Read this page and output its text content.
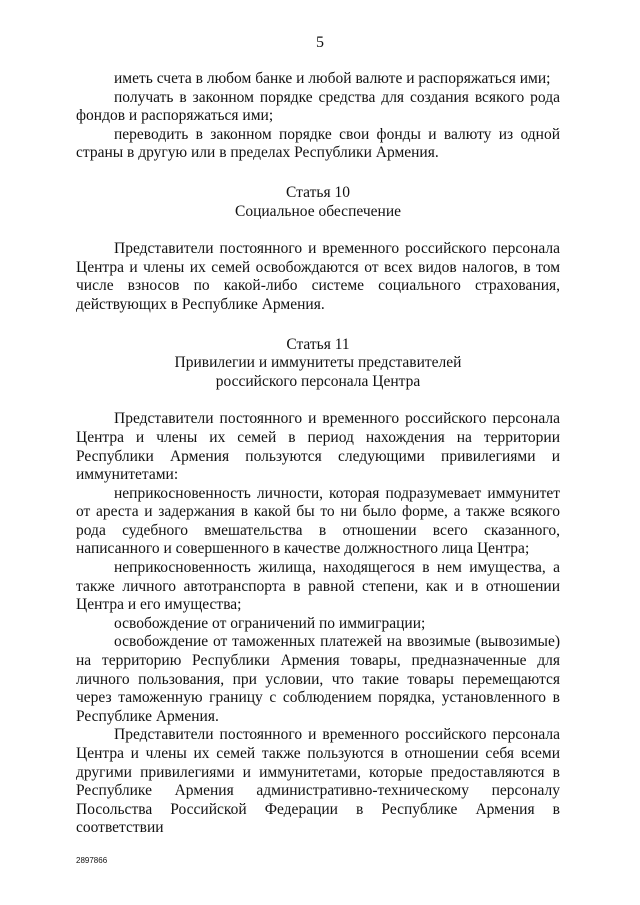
5

иметь счета в любом банке и любой валюте и распоряжаться ими;

получать в законном порядке средства для создания всякого рода фондов и распоряжаться ими;

переводить в законном порядке свои фонды и валюту из одной страны в другую или в пределах Республики Армения.

Статья 10
Социальное обеспечение

Представители постоянного и временного российского персонала Центра и члены их семей освобождаются от всех видов налогов, в том числе взносов по какой-либо системе социального страхования, действующих в Республике Армения.

Статья 11
Привилегии и иммунитеты представителей
российского персонала Центра

Представители постоянного и временного российского персонала Центра и члены их семей в период нахождения на территории Республики Армения пользуются следующими привилегиями и иммунитетами:

неприкосновенность личности, которая подразумевает иммунитет от ареста и задержания в какой бы то ни было форме, а также всякого рода судебного вмешательства в отношении всего сказанного, написанного и совершенного в качестве должностного лица Центра;

неприкосновенность жилища, находящегося в нем имущества, а также личного автотранспорта в равной степени, как и в отношении Центра и его имущества;

освобождение от ограничений по иммиграции;

освобождение от таможенных платежей на ввозимые (вывозимые) на территорию Республики Армения товары, предназначенные для личного пользования, при условии, что такие товары перемещаются через таможенную границу с соблюдением порядка, установленного в Республике Армения.

Представители постоянного и временного российского персонала Центра и члены их семей также пользуются в отношении себя всеми другими привилегиями и иммунитетами, которые предоставляются в Республике Армения административно-техническому персоналу Посольства Российской Федерации в Республике Армения в соответствии

2897866
